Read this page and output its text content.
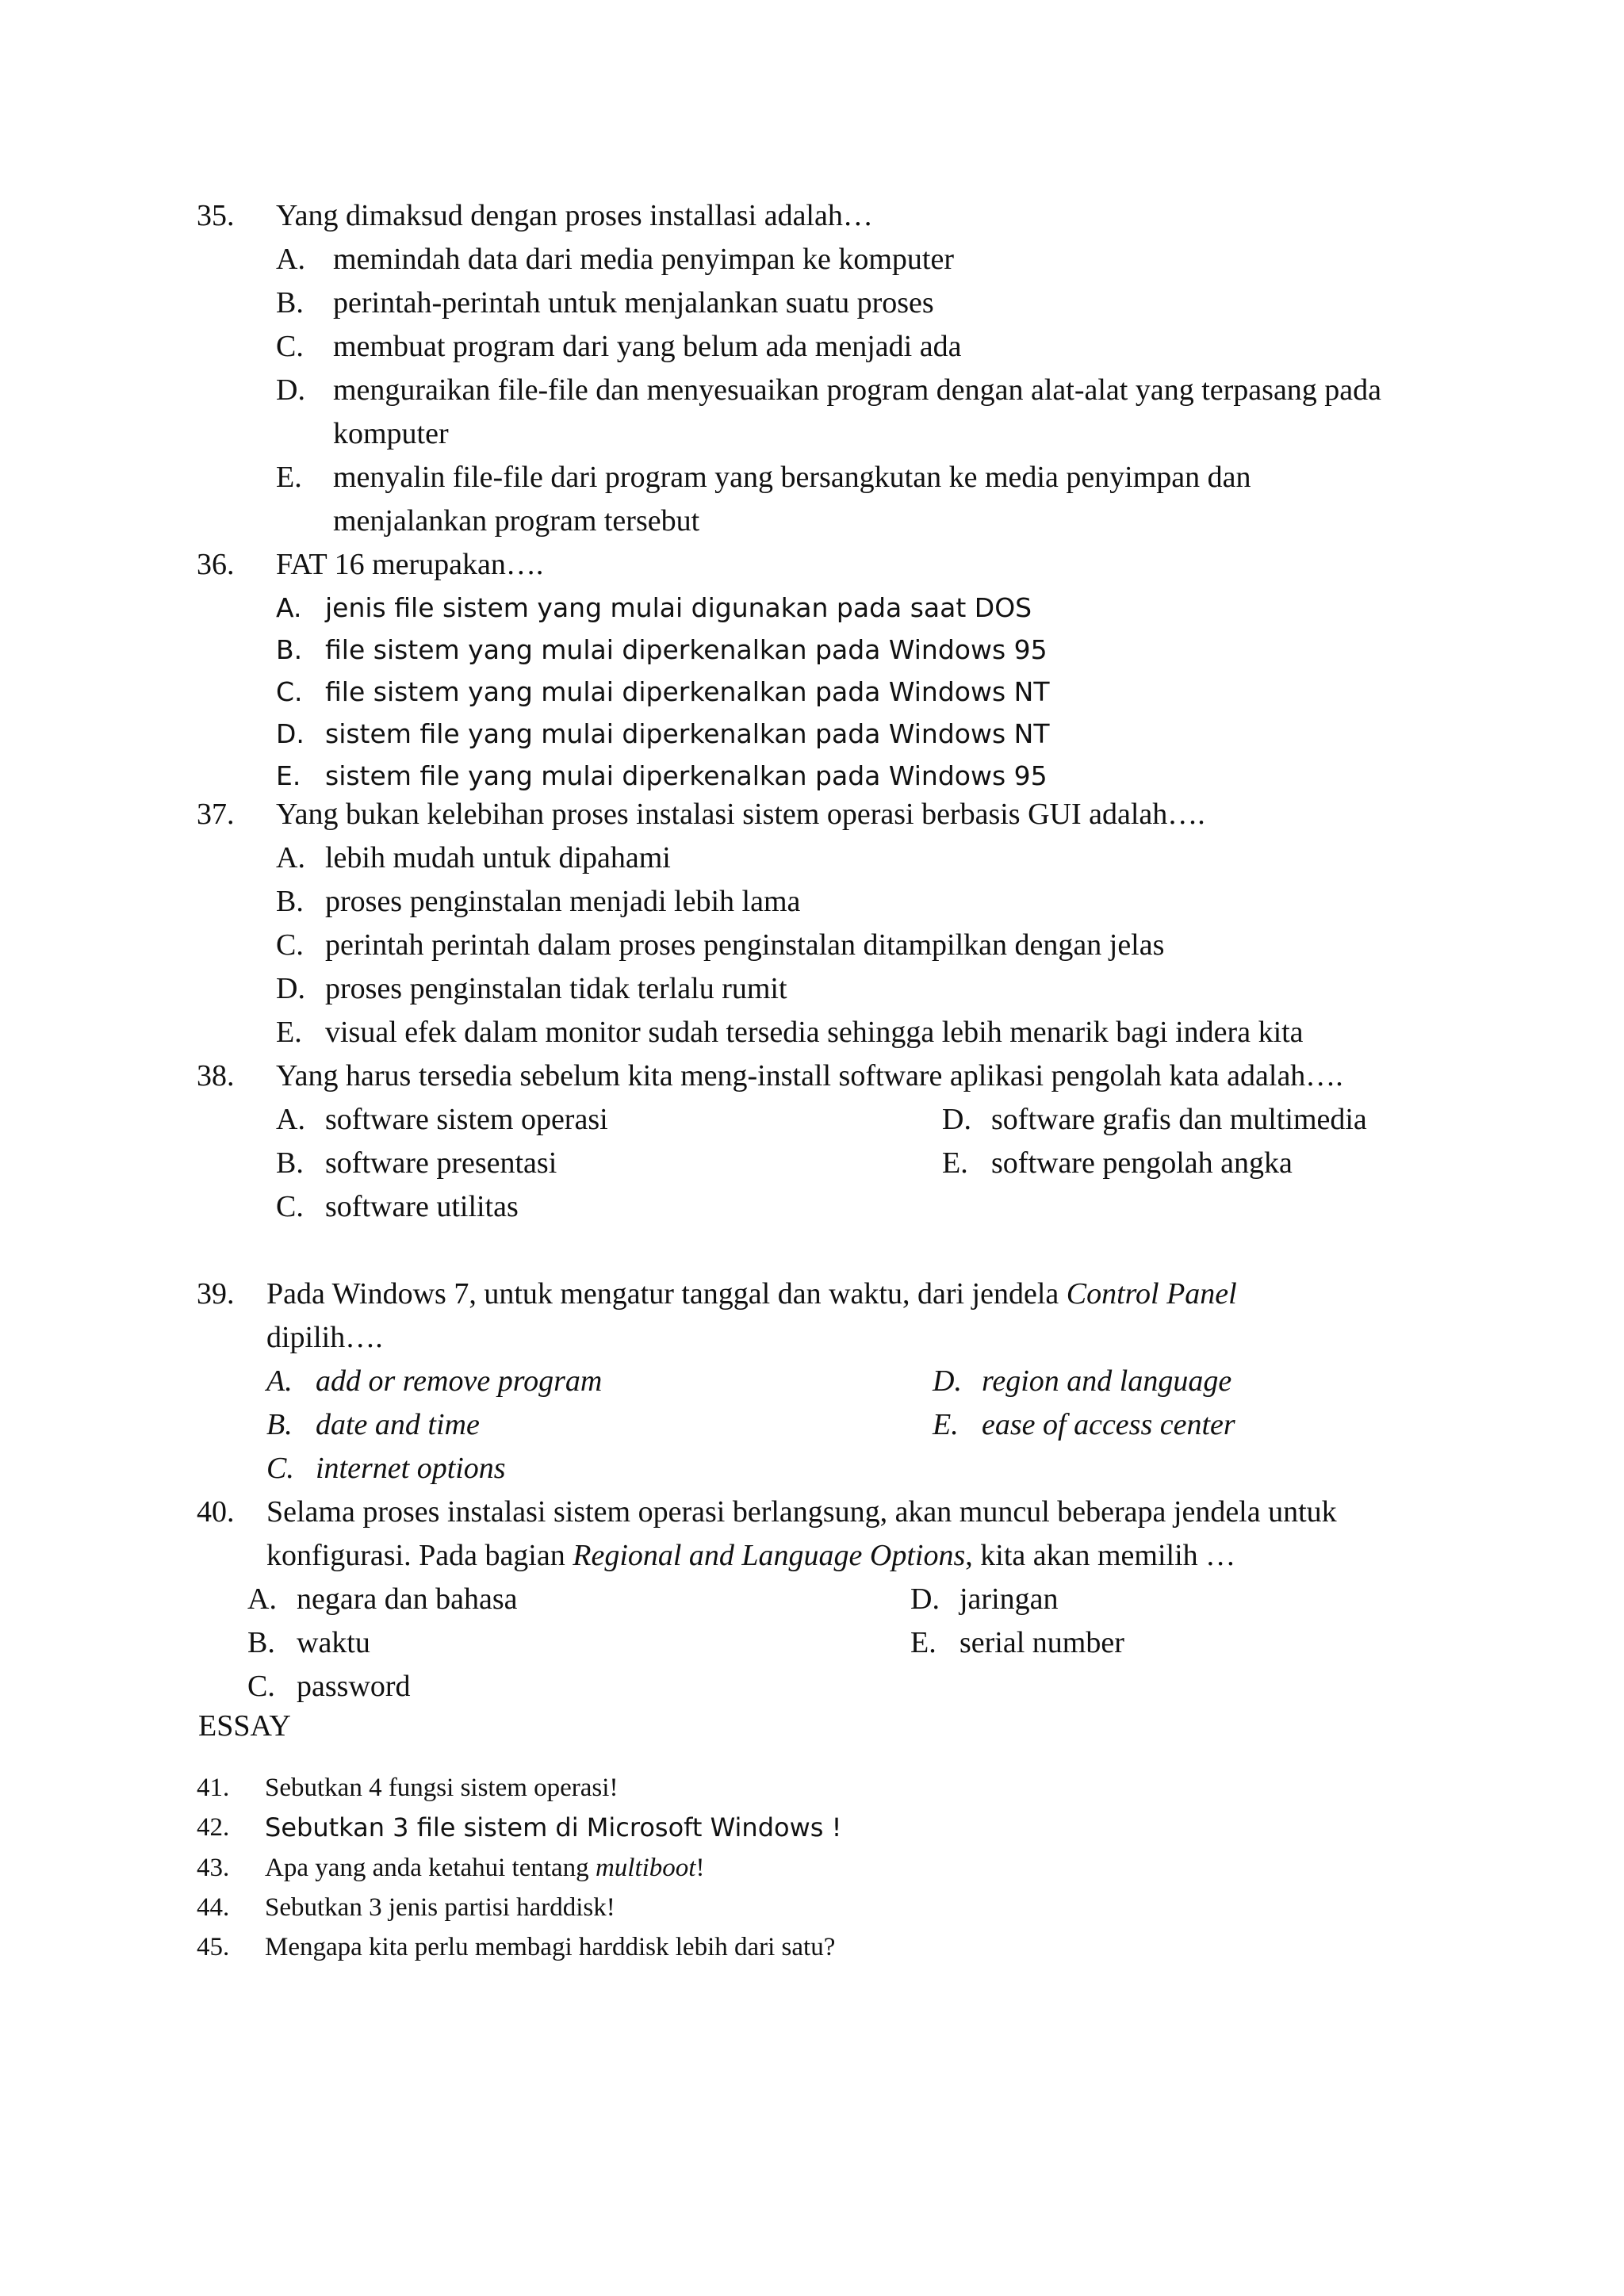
35.	Yang dimaksud dengan proses installasi adalah…
A. memindah data dari media penyimpan ke komputer
B. perintah-perintah untuk menjalankan suatu proses
C. membuat program dari yang belum ada menjadi ada
D. menguraikan file-file dan menyesuaikan program dengan alat-alat yang terpasang pada komputer
E. menyalin file-file dari program yang bersangkutan ke media penyimpan dan menjalankan program tersebut
36.	FAT 16 merupakan….
A. jenis file sistem yang mulai digunakan pada saat DOS
B. file sistem yang mulai diperkenalkan pada Windows 95
C. file sistem yang mulai diperkenalkan pada Windows NT
D. sistem file yang mulai diperkenalkan pada Windows NT
E. sistem file yang mulai diperkenalkan pada Windows 95
37.	Yang bukan kelebihan proses instalasi sistem operasi berbasis GUI adalah….
A. lebih mudah untuk dipahami
B. proses penginstalan menjadi lebih lama
C. perintah perintah dalam proses penginstalan ditampilkan dengan jelas
D. proses penginstalan tidak terlalu rumit
E. visual efek dalam monitor sudah tersedia sehingga lebih menarik bagi indera kita
38.	Yang harus tersedia sebelum kita meng-install software aplikasi pengolah kata adalah….
A. software sistem operasi	D. software grafis dan multimedia
B. software presentasi	E. software pengolah angka
C. software utilitas
39.	Pada Windows 7, untuk mengatur tanggal dan waktu, dari jendela Control Panel dipilih….
A. add or remove program	D. region and language
B. date and time	E. ease of access center
C. internet options
40.	Selama proses instalasi sistem operasi berlangsung, akan muncul beberapa jendela untuk konfigurasi. Pada bagian Regional and Language Options, kita akan memilih …
A. negara dan bahasa	D. jaringan
B. waktu	E. serial number
C. password
ESSAY
41. Sebutkan 4 fungsi sistem operasi!
42. Sebutkan 3 file sistem di Microsoft Windows !
43. Apa yang anda ketahui tentang multiboot!
44. Sebutkan 3 jenis partisi harddisk!
45. Mengapa kita perlu membagi harddisk lebih dari satu?
